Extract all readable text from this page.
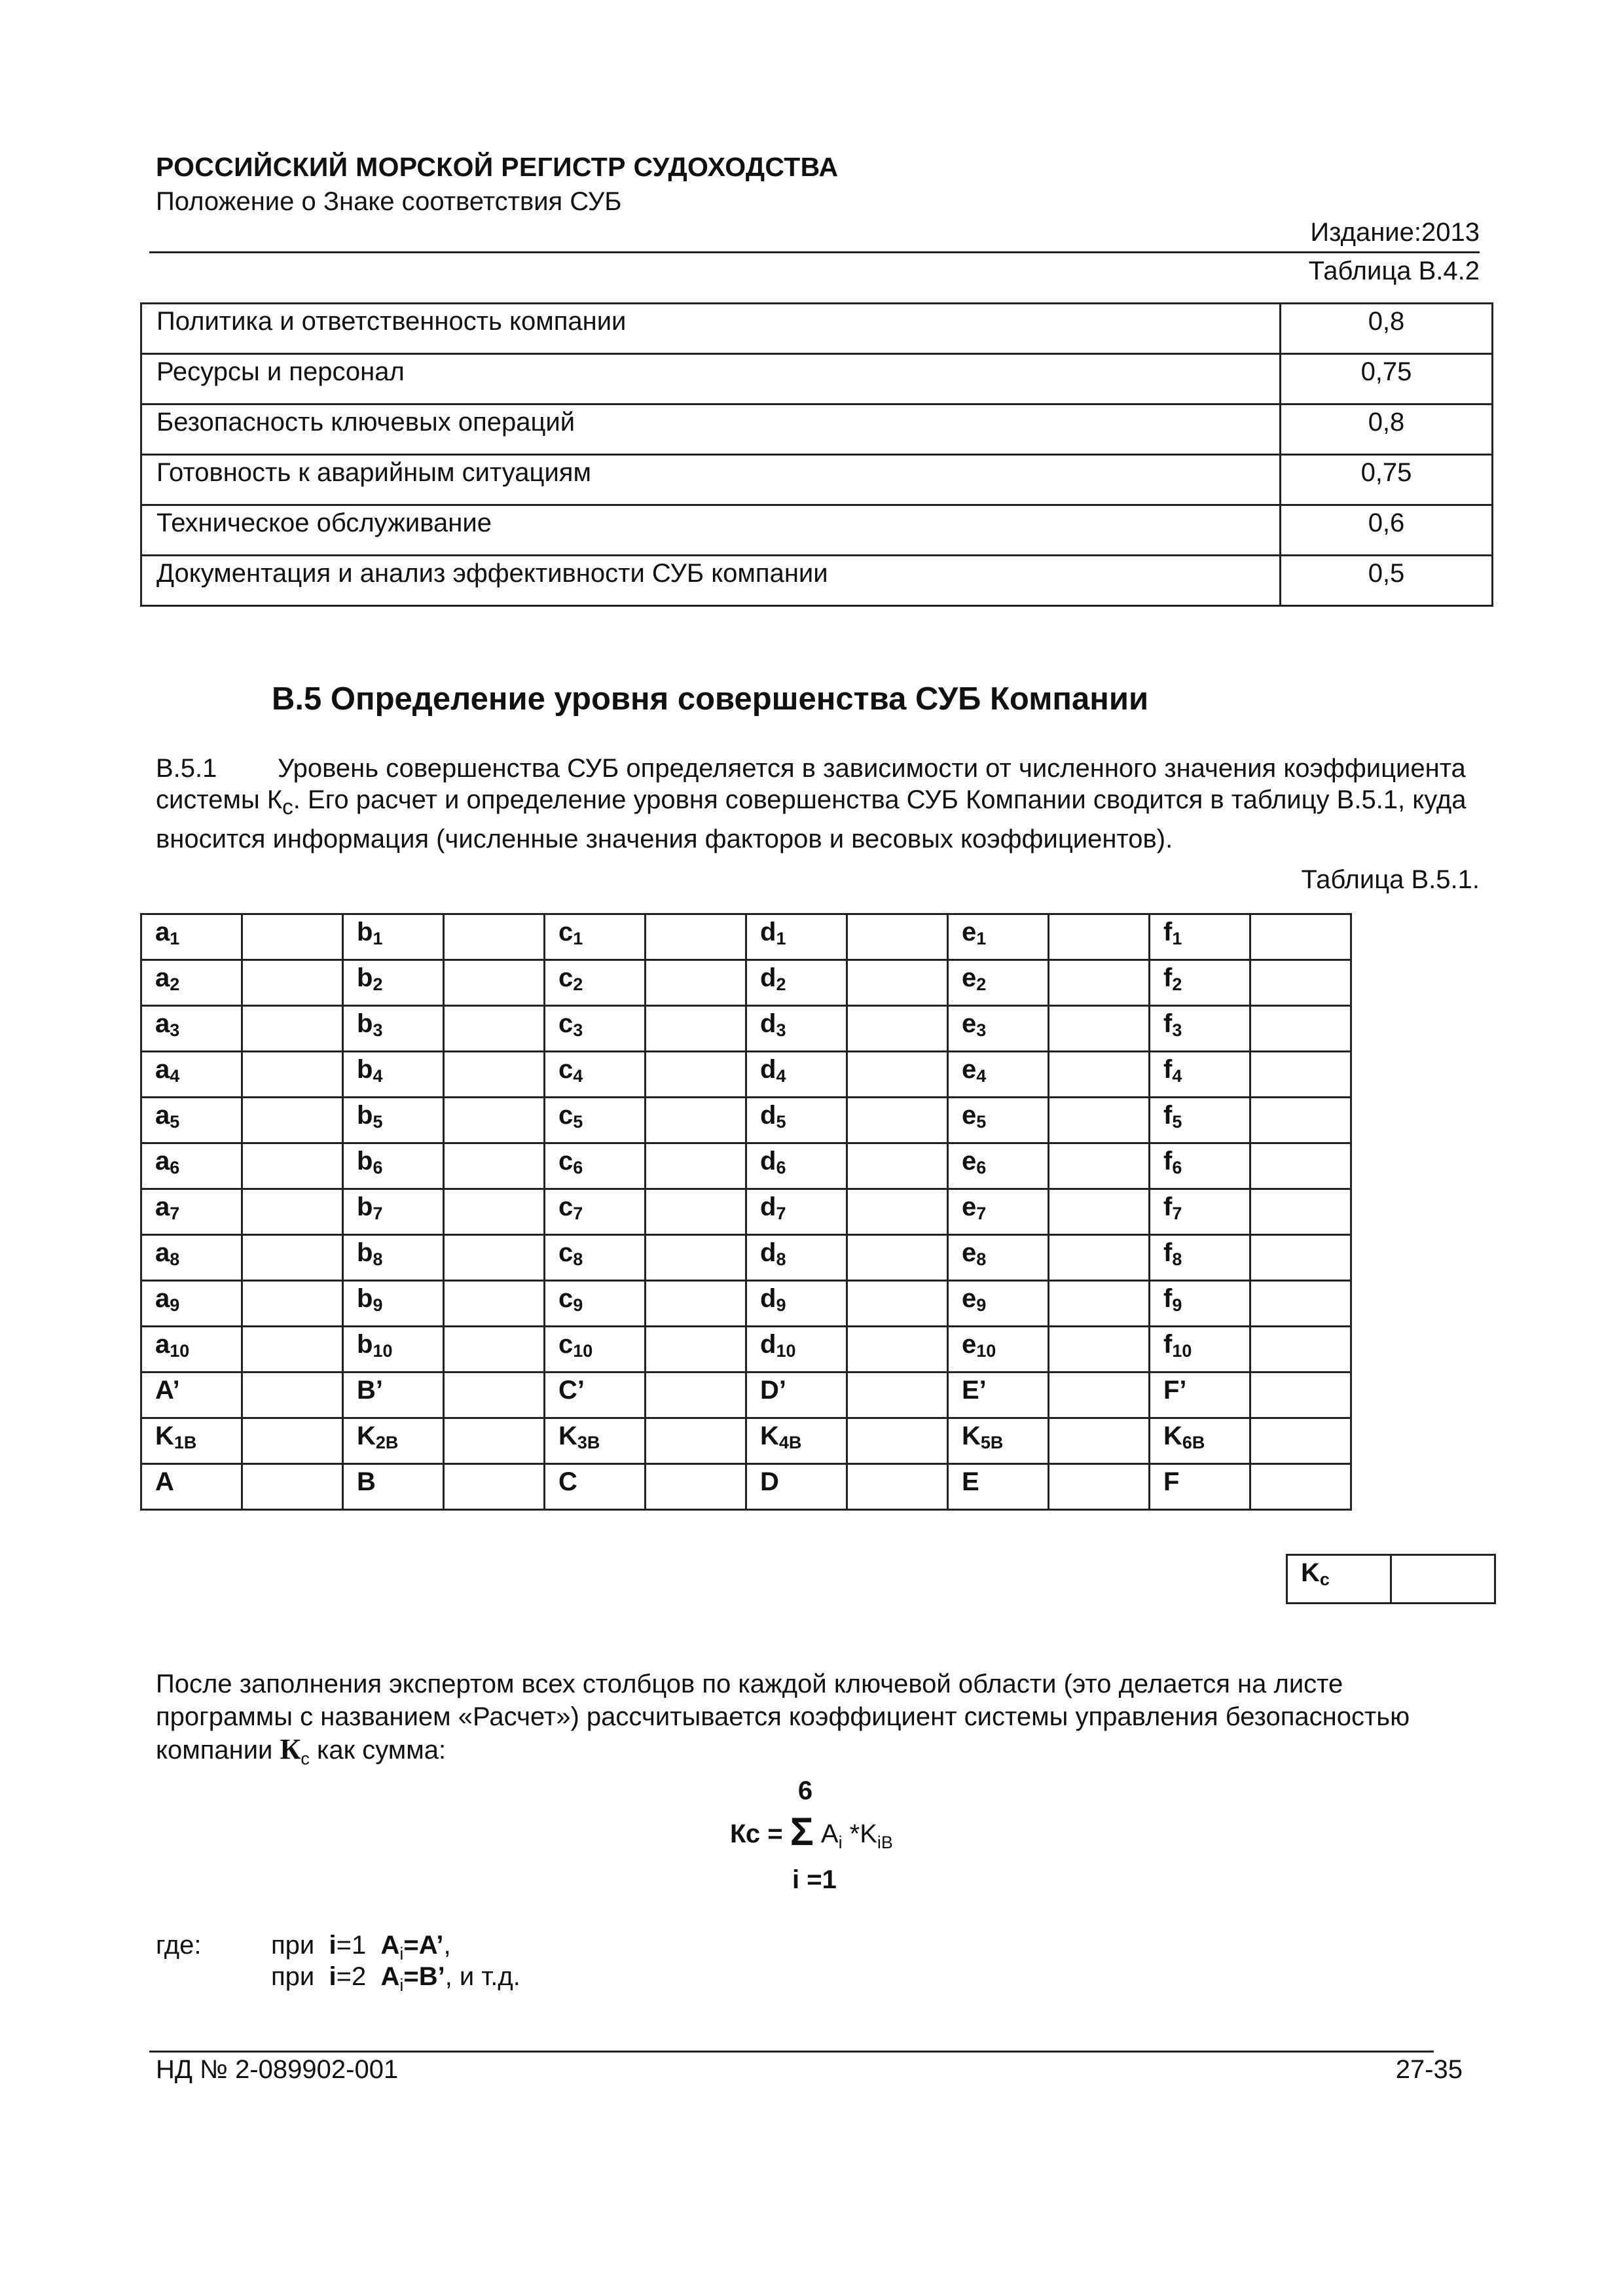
РОССИЙСКИЙ МОРСКОЙ РЕГИСТР СУДОХОДСТВА
Положение о Знаке соответствия СУБ
Издание:2013
Таблица В.4.2
Политика и ответственность компании	0,8
Ресурсы и персонал	0,75
Безопасность ключевых операций	0,8
Готовность к аварийным ситуациям	0,75
Техническое обслуживание	0,6
Документация и анализ эффективности СУБ компании	0,5
В.5 Определение уровня совершенства СУБ Компании
В.5.1 Уровень совершенства СУБ определяется в зависимости от численного значения коэффициента системы $К_с$. Его расчет и определение уровня совершенства СУБ Компании сводится в таблицу В.5.1, куда вносится информация (численные значения факторов и весовых коэффициентов).
Таблица В.5.1.
$a_1$		$b_1$		$c_1$		$d_1$		$e_1$		$f_1$	
$a_2$		$b_2$		$c_2$		$d_2$		$e_2$		$f_2$	
$a_3$		$b_3$		$c_3$		$d_3$		$e_3$		$f_3$	
$a_4$		$b_4$		$c_4$		$d_4$		$e_4$		$f_4$	
$a_5$		$b_5$		$c_5$		$d_5$		$e_5$		$f_5$	
$a_6$		$b_6$		$c_6$		$d_6$		$e_6$		$f_6$	
$a_7$		$b_7$		$c_7$		$d_7$		$e_7$		$f_7$	
$a_8$		$b_8$		$c_8$		$d_8$		$e_8$		$f_8$	
$a_9$		$b_9$		$c_9$		$d_9$		$e_9$		$f_9$	
$a_{10}$		$b_{10}$		$c_{10}$		$d_{10}$		$e_{10}$		$f_{10}$	
A’		B’		C’		D’		E’		F’	
$K_{1В}$		$K_{2В}$		$K_{3В}$		$K_{4В}$		$K_{5В}$		$K_{6В}$	
A		B		C		D		E		F	
$K_c$	
После заполнения экспертом всех столбцов по каждой ключевой области (это делается на листе программы с названием «Расчет») рассчитывается коэффициент системы управления безопасностью компании $К_с$ как сумма:
6
Кс = Σ $A_i$ $*K_{iВ}$
i =1
где:	при i=1 $A_i=A$’,
при i=2 $A_i=B$’, и т.д.
НД № 2-089902-001	27-35
